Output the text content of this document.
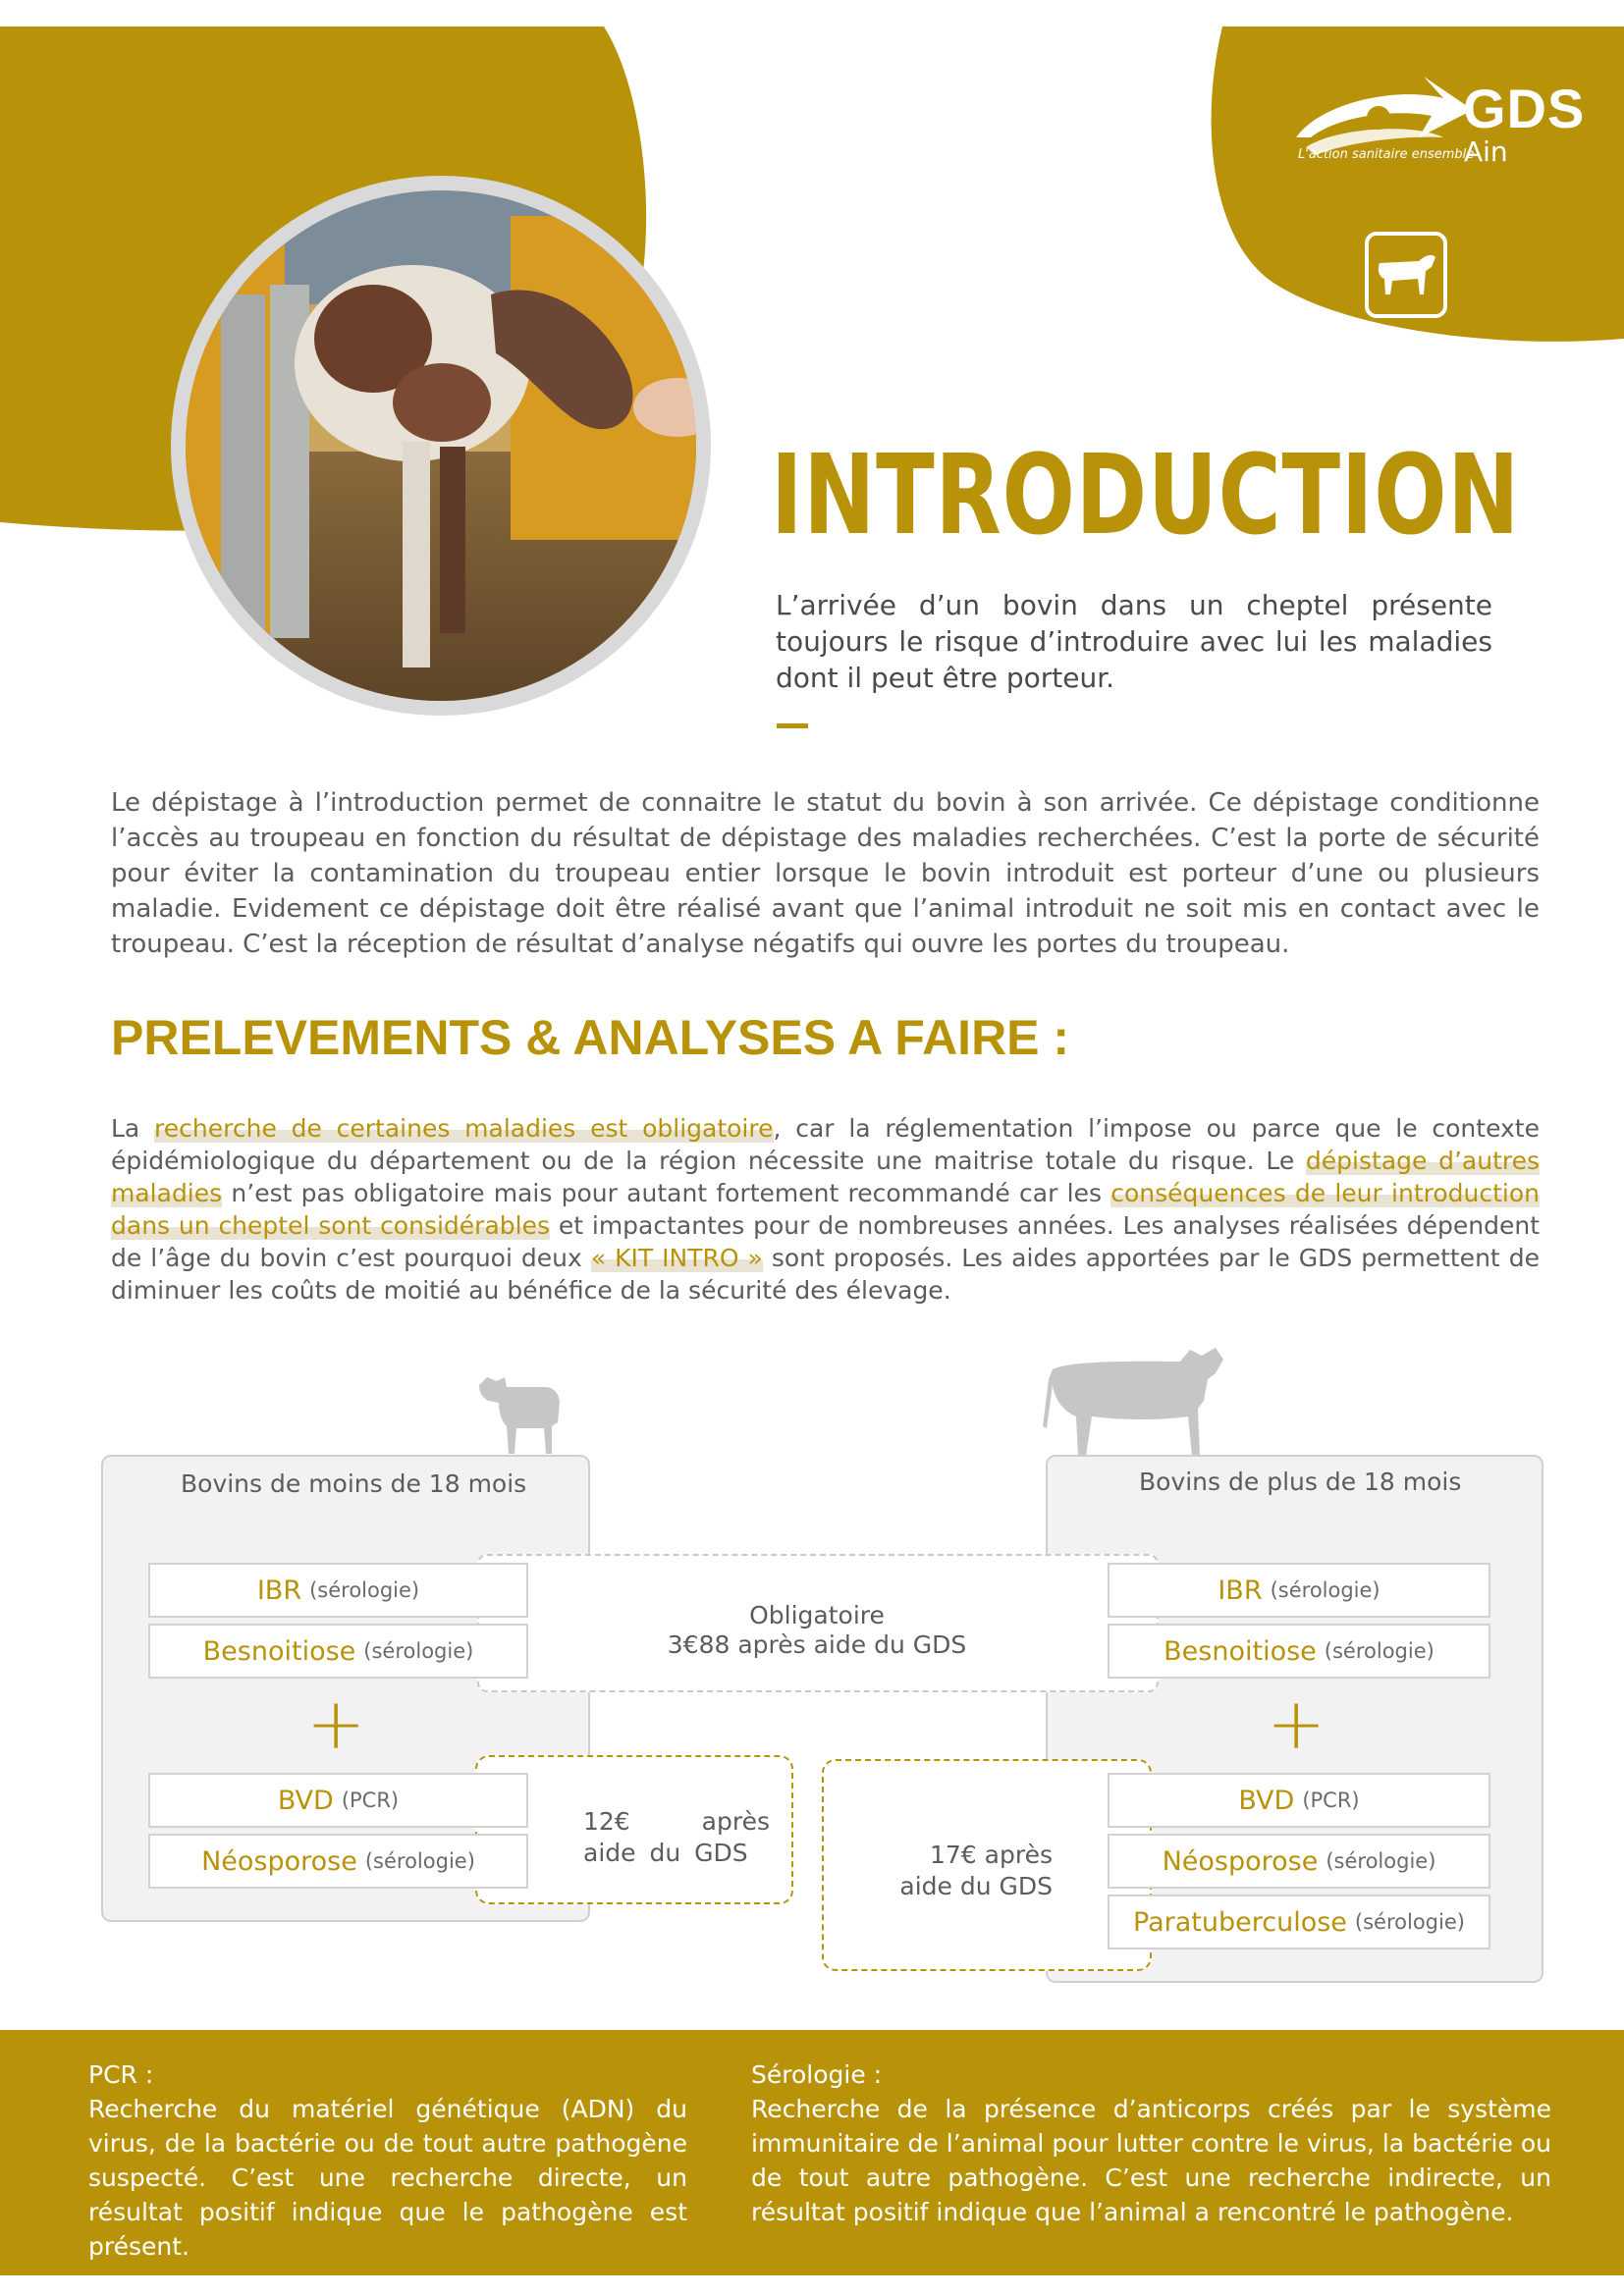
GDS
Ain
L'action sanitaire ensemble
INTRODUCTION
L’arrivée d’un bovin dans un cheptel présente toujours le risque d’introduire avec lui les maladies dont il peut être porteur.
Le dépistage à l’introduction permet de connaitre le statut du bovin à son arrivée. Ce dépistage conditionne l’accès au troupeau en fonction du résultat de dépistage des maladies recherchées. C’est la porte de sécurité pour éviter la contamination du troupeau entier lorsque le bovin introduit est porteur d’une ou plusieurs maladie. Evidement ce dépistage doit être réalisé avant que l’animal introduit ne soit mis en contact avec le troupeau. C’est la réception de résultat d’analyse négatifs qui ouvre les portes du troupeau.
PRELEVEMENTS & ANALYSES A FAIRE :
La recherche de certaines maladies est obligatoire, car la réglementation l’impose ou parce que le contexte épidémiologique du département ou de la région nécessite une maitrise totale du risque. Le dépistage d’autres maladies n’est pas obligatoire mais pour autant fortement recommandé car les conséquences de leur introduction dans un cheptel sont considérables et impactantes pour de nombreuses années. Les analyses réalisées dépendent de l’âge du bovin c’est pourquoi deux « KIT INTRO » sont proposés. Les aides apportées par le GDS permettent de diminuer les coûts de moitié au bénéfice de la sécurité des élevage.
Bovins de moins de 18 mois	Bovins de plus de 18 mois
Obligatoire
3€88 après aide du GDS
IBR (sérologie)
Besnoitiose (sérologie)
IBR (sérologie)
Besnoitiose (sérologie)
+	+
BVD (PCR)
Néosporose (sérologie)
12€ après aide du GDS
BVD (PCR)
Néosporose (sérologie)
Paratuberculose (sérologie)
17€ après aide du GDS
PCR :
Recherche du matériel génétique (ADN) du virus, de la bactérie ou de tout autre pathogène suspecté. C’est une recherche directe, un résultat positif indique que le pathogène est présent.
Sérologie :
Recherche de la présence d’anticorps créés par le système immunitaire de l’animal pour lutter contre le virus, la bactérie ou de tout autre pathogène. C’est une recherche indirecte, un résultat positif indique que l’animal a rencontré le pathogène.
